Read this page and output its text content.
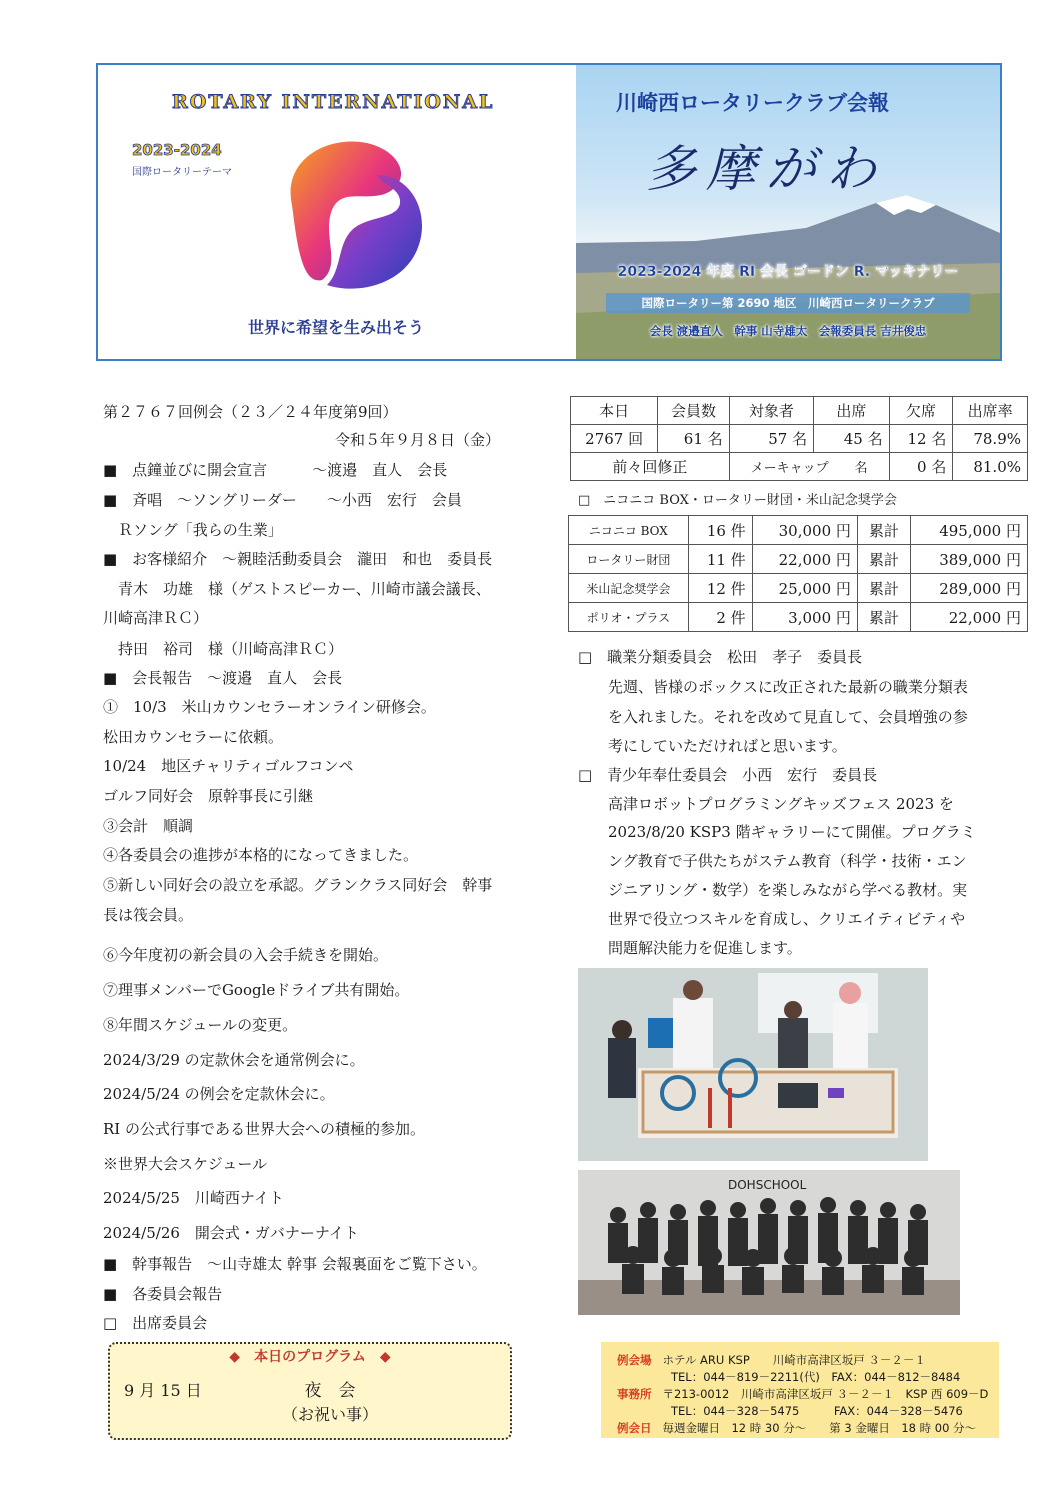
ROTARY INTERNATIONAL
2023-2024
国際ロータリーテーマ
世界に希望を生み出そう
川崎西ロータリークラブ会報
多摩がわ
2023-2024 年度 RI 会長 ゴードン R. マッキナリー
国際ロータリー第 2690 地区　川崎西ロータリークラブ
会長 渡邉直人　幹事 山寺雄太　会報委員長 吉井俊忠
第２７６７回例会（２３／２４年度第9回）
令和５年９月８日（金）
■　点鐘並びに開会宣言　　　～渡邉　直人　会長
■　斉唱　～ソングリーダー　　～小西　宏行　会員
　Ｒソング「我らの生業」
■　お客様紹介　～親睦活動委員会　瀧田　和也　委員長
　青木　功雄　様（ゲストスピーカー、川崎市議会議長、
川崎高津ＲＣ）
　持田　裕司　様（川崎高津ＲＣ）
■　会長報告　～渡邉　直人　会長
①　10/3　米山カウンセラーオンライン研修会。
松田カウンセラーに依頼。
10/24　地区チャリティゴルフコンペ
ゴルフ同好会　原幹事長に引継
③会計　順調
④各委員会の進捗が本格的になってきました。
⑤新しい同好会の設立を承認。グランクラス同好会　幹事
長は筏会員。
⑥今年度初の新会員の入会手続きを開始。
⑦理事メンバーでGoogleドライブ共有開始。
⑧年間スケジュールの変更。
2024/3/29 の定款休会を通常例会に。
2024/5/24 の例会を定款休会に。
RI の公式行事である世界大会への積極的参加。
※世界大会スケジュール
2024/5/25　川崎西ナイト
2024/5/26　開会式・ガバナーナイト
■　幹事報告　～山寺雄太 幹事 会報裏面をご覧下さい。
■　各委員会報告
□　出席委員会
◆　本日のプログラム　◆
9 月 15 日	夜　会
（お祝い事）
本日	会員数	対象者	出席	欠席	出席率
2767 回	61 名	57 名	45 名	12 名	78.9%
前々回修正		メーキャップ　　名		0 名	81.0%
□　ニコニコ BOX・ロータリー財団・米山記念奨学会
ニコニコ BOX	16 件	30,000 円	累計	495,000 円
ロータリー財団	11 件	22,000 円	累計	389,000 円
米山記念奨学会	12 件	25,000 円	累計	289,000 円
ポリオ・プラス	2 件	3,000 円	累計	22,000 円
□　職業分類委員会　松田　孝子　委員長
先週、皆様のボックスに改正された最新の職業分類表
を入れました。それを改めて見直して、会員増強の参
考にしていただければと思います。
□　青少年奉仕委員会　小西　宏行　委員長
高津ロボットプログラミングキッズフェス 2023 を
2023/8/20 KSP3 階ギャラリーにて開催。プログラミ
ング教育で子供たちがステム教育（科学・技術・エン
ジニアリング・数学）を楽しみながら学べる教材。実
世界で役立つスキルを育成し、クリエイティビティや
問題解決能力を促進します。
DOHSCHOOL
例会場 ホテル ARU KSP　　川崎市高津区坂戸 ３－２－１
TEL：044－819－2211(代)　FAX：044－812－8484
事務所 〒213-0012　川崎市高津区坂戸 ３－２－１　KSP 西 609－D
TEL：044－328－5475　　　FAX：044－328－5476
例会日 毎週金曜日　12 時 30 分～　　第 3 金曜日　18 時 00 分～
